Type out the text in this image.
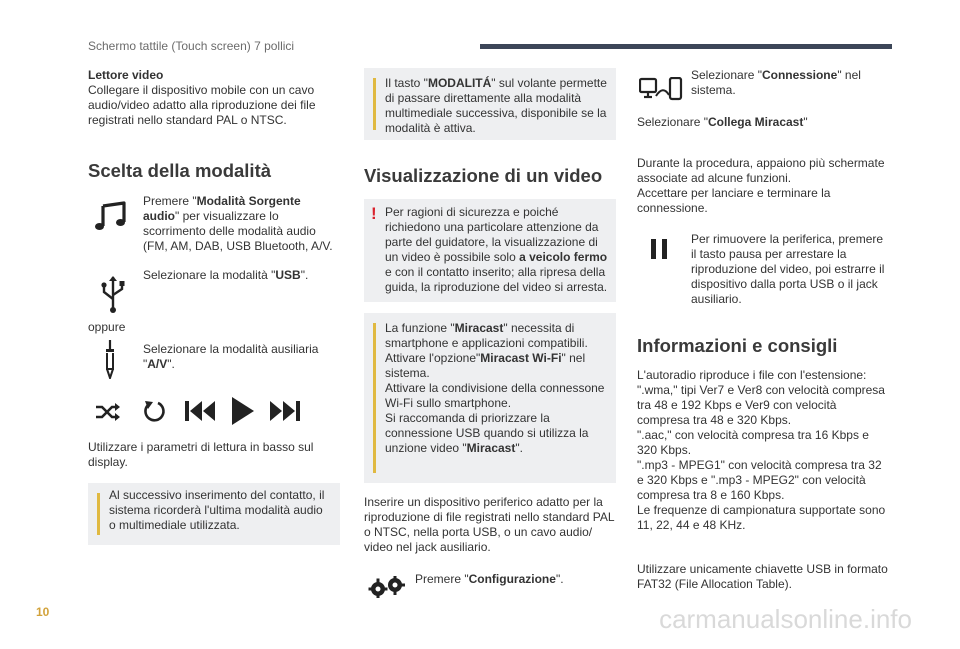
Schermo tattile (Touch screen) 7 pollici
Lettore video
Collegare il dispositivo mobile con un cavo audio/video adatto alla riproduzione dei file registrati nello standard PAL o NTSC.
Scelta della modalità
Premere "Modalità Sorgente audio" per visualizzare lo scorrimento delle modalità audio (FM, AM, DAB, USB Bluetooth, A/V.
Selezionare la modalità "USB".
oppure
Selezionare la modalità ausiliaria "A/V".
Utilizzare i parametri di lettura in basso sul display.
Al successivo inserimento del contatto, il sistema ricorderà l'ultima modalità audio o multimediale utilizzata.
Il tasto "MODALITÁ" sul volante permette di passare direttamente alla modalità multimediale successiva, disponibile se la modalità è attiva.
Visualizzazione di un video
! Per ragioni di sicurezza e poiché richiedono una particolare attenzione da parte del guidatore, la visualizzazione di un video è possibile solo a veicolo fermo e con il contatto inserito; alla ripresa della guida, la riproduzione del video si arresta.
La funzione "Miracast" necessita di smartphone e applicazioni compatibili.
Attivare l'opzione"Miracast Wi-Fi" nel sistema.
Attivare la condivisione della connessone Wi-Fi sullo smartphone.
Si raccomanda di priorizzare la connessione USB quando si utilizza la unzione video "Miracast".
Inserire un dispositivo periferico adatto per la riproduzione di file registrati nello standard PAL o NTSC, nella porta USB, o un cavo audio/ video nel jack ausiliario.
Premere "Configurazione".
Selezionare "Connessione" nel sistema.
Selezionare "Collega Miracast"
Durante la procedura, appaiono più schermate associate ad alcune funzioni.
Accettare per lanciare e terminare la connessione.
Per rimuovere la periferica, premere il tasto pausa per arrestare la riproduzione del video, poi estrarre il dispositivo dalla porta USB o il jack ausiliario.
Informazioni e consigli
L'autoradio riproduce i file con l'estensione:
".wma," tipi Ver7 e Ver8 con velocità compresa tra 48 e 192 Kbps e Ver9 con velocità compresa tra 48 e 320 Kbps.
".aac," con velocità compresa tra 16 Kbps e 320 Kbps.
".mp3 - MPEG1" con velocità compresa tra 32 e 320 Kbps e ".mp3 - MPEG2" con velocità compresa tra 8 e 160 Kbps.
Le frequenze di campionatura supportate sono 11, 22, 44 e 48 KHz.
Utilizzare unicamente chiavette USB in formato FAT32 (File Allocation Table).
10	carmanualsonline.info
